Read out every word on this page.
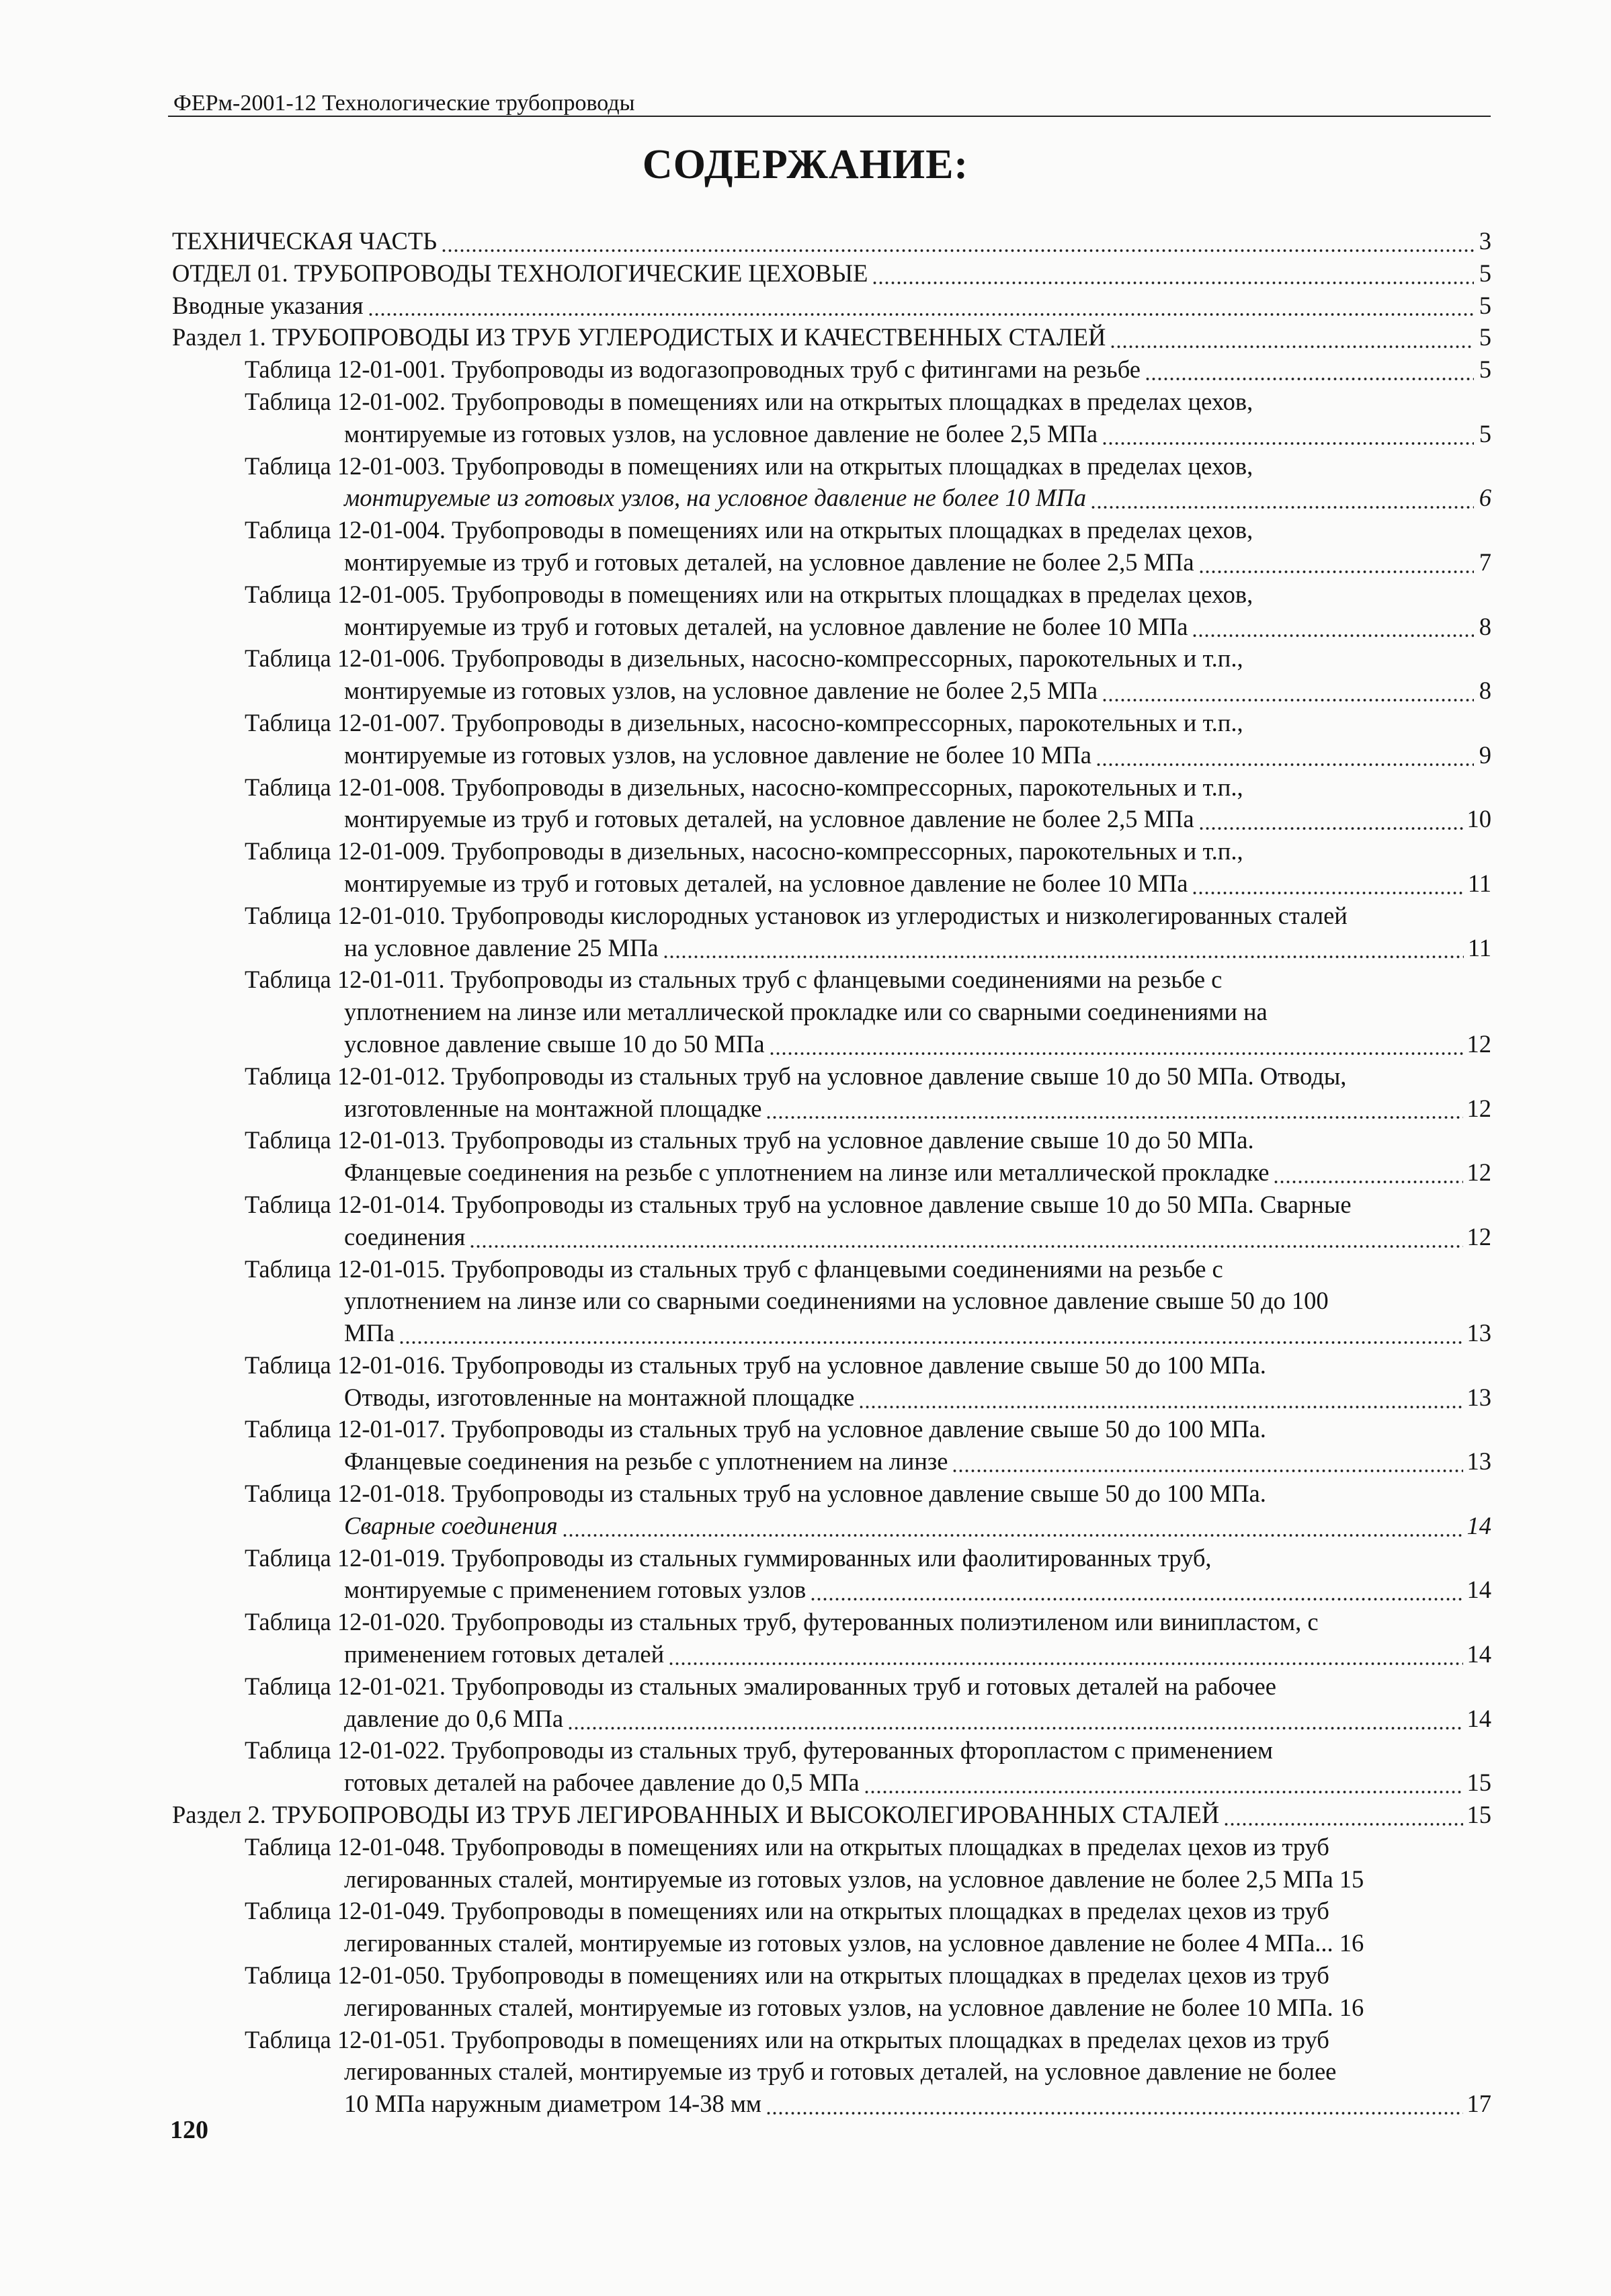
ФЕРм-2001-12 Технологические трубопроводы
СОДЕРЖАНИЕ:
ТЕХНИЧЕСКАЯ ЧАСТЬ	3
ОТДЕЛ 01. ТРУБОПРОВОДЫ ТЕХНОЛОГИЧЕСКИЕ ЦЕХОВЫЕ	5
Вводные указания	5
Раздел 1. ТРУБОПРОВОДЫ ИЗ ТРУБ УГЛЕРОДИСТЫХ И КАЧЕСТВЕННЫХ СТАЛЕЙ	5
Таблица 12-01-001. Трубопроводы из водогазопроводных труб с фитингами на резьбе	5
Таблица 12-01-002. Трубопроводы в помещениях или на открытых площадках в пределах цехов,
монтируемые из готовых узлов, на условное давление не более 2,5 МПа	5
Таблица 12-01-003. Трубопроводы в помещениях или на открытых площадках в пределах цехов,
монтируемые из готовых узлов, на условное давление не более 10 МПа	6
Таблица 12-01-004. Трубопроводы в помещениях или на открытых площадках в пределах цехов,
монтируемые из труб и готовых деталей, на условное давление не более 2,5 МПа	7
Таблица 12-01-005. Трубопроводы в помещениях или на открытых площадках в пределах цехов,
монтируемые из труб и готовых деталей, на условное давление не более 10 МПа	8
Таблица 12-01-006. Трубопроводы в дизельных, насосно-компрессорных, парокотельных и т.п.,
монтируемые из готовых узлов, на условное давление не более 2,5 МПа	8
Таблица 12-01-007. Трубопроводы в дизельных, насосно-компрессорных, парокотельных и т.п.,
монтируемые из готовых узлов, на условное давление не более 10 МПа	9
Таблица 12-01-008. Трубопроводы в дизельных, насосно-компрессорных, парокотельных и т.п.,
монтируемые из труб и готовых деталей, на условное давление не более 2,5 МПа	10
Таблица 12-01-009. Трубопроводы в дизельных, насосно-компрессорных, парокотельных и т.п.,
монтируемые из труб и готовых деталей, на условное давление не более 10 МПа	11
Таблица 12-01-010. Трубопроводы кислородных установок из углеродистых и низколегированных сталей
на условное давление 25 МПа	11
Таблица 12-01-011. Трубопроводы из стальных труб с фланцевыми соединениями на резьбе с
уплотнением на линзе или металлической прокладке или со сварными соединениями на
условное давление свыше 10 до 50 МПа	12
Таблица 12-01-012. Трубопроводы из стальных труб на условное давление свыше 10 до 50 МПа. Отводы,
изготовленные на монтажной площадке	12
Таблица 12-01-013. Трубопроводы из стальных труб на условное давление свыше 10 до 50 МПа.
Фланцевые соединения на резьбе с уплотнением на линзе или металлической прокладке	12
Таблица 12-01-014. Трубопроводы из стальных труб на условное давление свыше 10 до 50 МПа. Сварные
соединения	12
Таблица 12-01-015. Трубопроводы из стальных труб с фланцевыми соединениями на резьбе с
уплотнением на линзе или со сварными соединениями на условное давление свыше 50 до 100
МПа	13
Таблица 12-01-016. Трубопроводы из стальных труб на условное давление свыше 50 до 100 МПа.
Отводы, изготовленные на монтажной площадке	13
Таблица 12-01-017. Трубопроводы из стальных труб на условное давление свыше 50 до 100 МПа.
Фланцевые соединения на резьбе с уплотнением на линзе	13
Таблица 12-01-018. Трубопроводы из стальных труб на условное давление свыше 50 до 100 МПа.
Сварные соединения	14
Таблица 12-01-019. Трубопроводы из стальных гуммированных или фаолитированных труб,
монтируемые с применением готовых узлов	14
Таблица 12-01-020. Трубопроводы из стальных труб, футерованных полиэтиленом или винипластом, с
применением готовых деталей	14
Таблица 12-01-021. Трубопроводы из стальных эмалированных труб и готовых деталей на рабочее
давление до 0,6 МПа	14
Таблица 12-01-022. Трубопроводы из стальных труб, футерованных фторопластом с применением
готовых деталей на рабочее давление до 0,5 МПа	15
Раздел 2. ТРУБОПРОВОДЫ ИЗ ТРУБ ЛЕГИРОВАННЫХ И ВЫСОКОЛЕГИРОВАННЫХ СТАЛЕЙ	15
Таблица 12-01-048. Трубопроводы в помещениях или на открытых площадках в пределах цехов из труб
легированных сталей, монтируемые из готовых узлов, на условное давление не более 2,5 МПа 15
Таблица 12-01-049. Трубопроводы в помещениях или на открытых площадках в пределах цехов из труб
легированных сталей, монтируемые из готовых узлов, на условное давление не более 4 МПа... 16
Таблица 12-01-050. Трубопроводы в помещениях или на открытых площадках в пределах цехов из труб
легированных сталей, монтируемые из готовых узлов, на условное давление не более 10 МПа. 16
Таблица 12-01-051. Трубопроводы в помещениях или на открытых площадках в пределах цехов из труб
легированных сталей, монтируемые из труб и готовых деталей, на условное давление не более
10 МПа наружным диаметром 14-38 мм	17
120
